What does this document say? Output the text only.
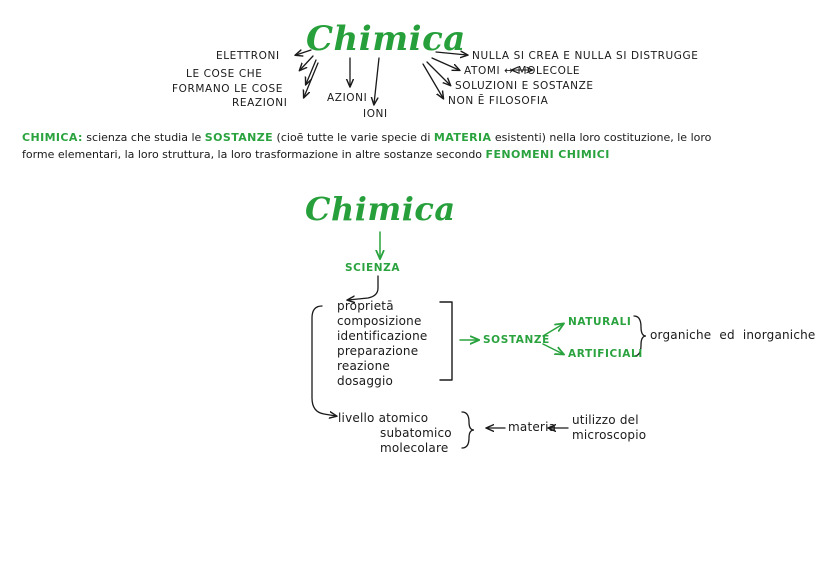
Chimica
ELETTRONI
LE COSE CHE
FORMANO LE COSE
REAZIONI	AZIONI
IONI
NULLA SI CREA E NULLA SI DISTRUGGE
ATOMI ↔ MOLECOLE
SOLUZIONI E SOSTANZE
NON Ē FILOSOFIA
CHIMICA: scienza che studia le SOSTANZE (cioē tutte le varie specie di MATERIA esistenti) nella loro costituzione, le loro
forme elementari, la loro struttura, la loro trasformazione in altre sostanze secondo FENOMENI CHIMICI
Chimica
SCIENZA
proprietā
composizione
identificazione
preparazione
reazione
dosaggio
SOSTANZE
NATURALI
ARTIFICIALI
organiche  ed  inorganiche
livello atomico
subatomico
molecolare
materia utilizzo del
microscopio
